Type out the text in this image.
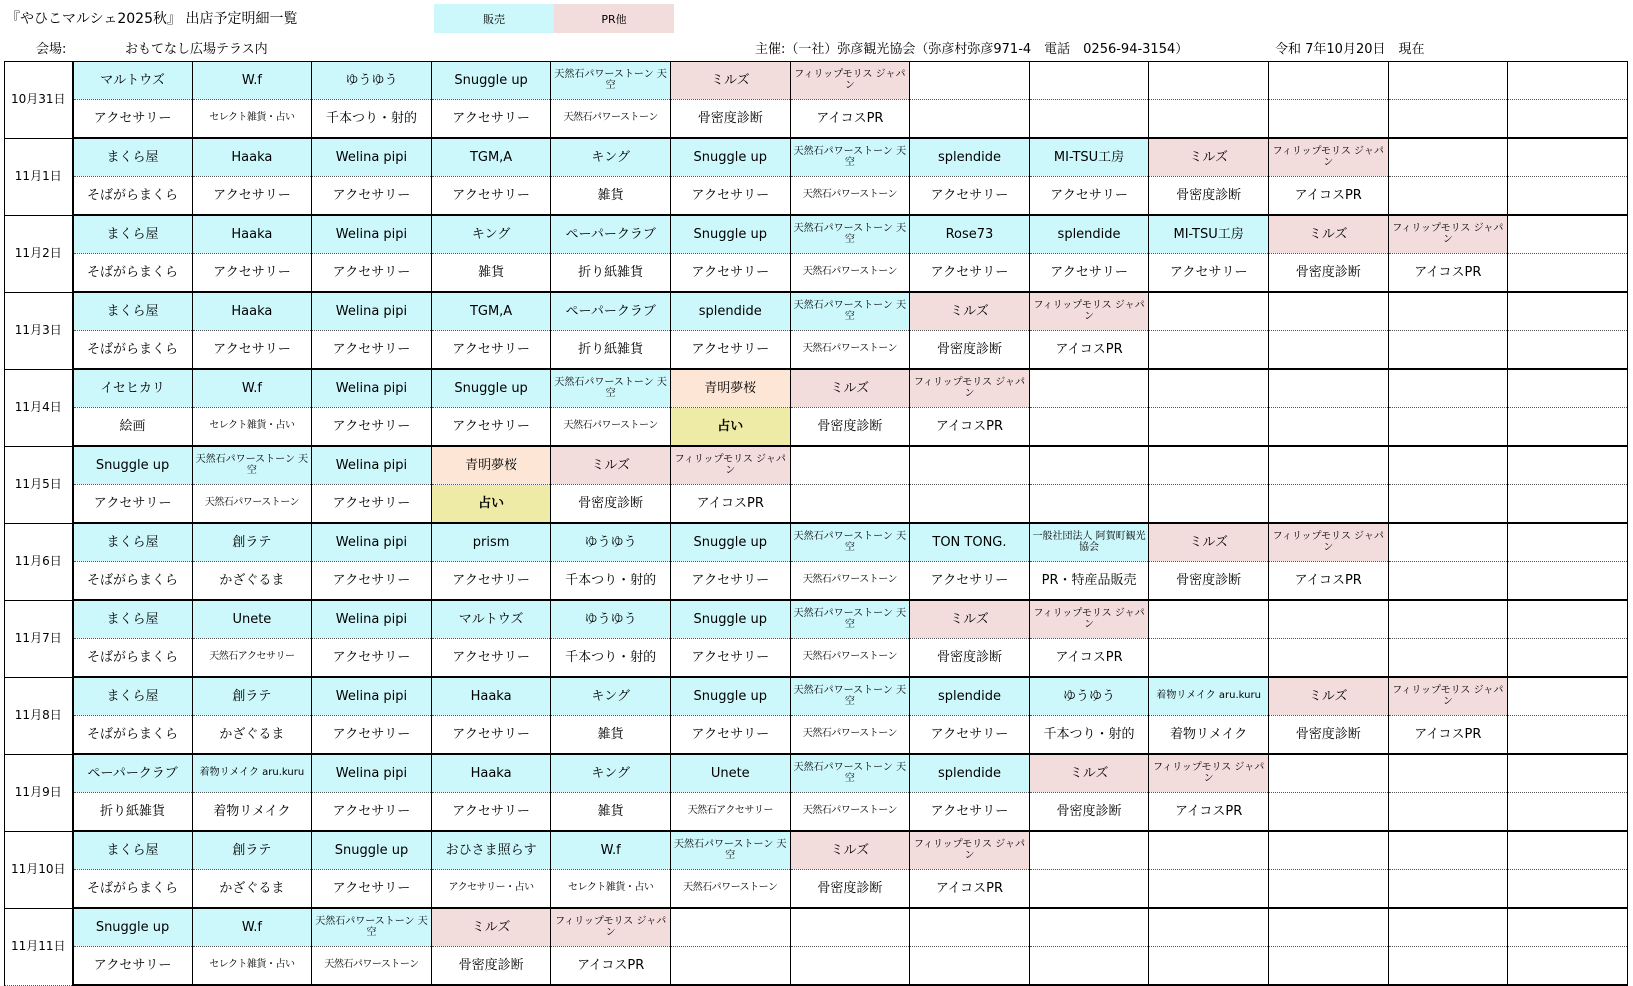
『やひこマルシェ2025秋』 出店予定明細一覧	販売	PR他
会場:	おもてなし広場テラス内	主催:（一社）弥彦観光協会（弥彦村弥彦971-4　電話　0256-94-3154）	令和 7年10月20日　現在
10月31日	マルトウズ	W.f	ゆうゆう	Snuggle up	天然石パワーストーン 天空	ミルズ	フィリップモリス ジャパン						
	アクセサリー	セレクト雑貨・占い	千本つり・射的	アクセサリー	天然石パワーストーン	骨密度診断	アイコスPR						
11月1日	まくら屋	Haaka	Welina pipi	TGM,A	キング	Snuggle up	天然石パワーストーン 天空	splendide	MI-TSU工房	ミルズ	フィリップモリス ジャパン		
	そばがらまくら	アクセサリー	アクセサリー	アクセサリー	雑貨	アクセサリー	天然石パワーストーン	アクセサリー	アクセサリー	骨密度診断	アイコスPR		
11月2日	まくら屋	Haaka	Welina pipi	キング	ペーパークラブ	Snuggle up	天然石パワーストーン 天空	Rose73	splendide	MI-TSU工房	ミルズ	フィリップモリス ジャパン	
	そばがらまくら	アクセサリー	アクセサリー	雑貨	折り紙雑貨	アクセサリー	天然石パワーストーン	アクセサリー	アクセサリー	アクセサリー	骨密度診断	アイコスPR	
11月3日	まくら屋	Haaka	Welina pipi	TGM,A	ペーパークラブ	splendide	天然石パワーストーン 天空	ミルズ	フィリップモリス ジャパン				
	そばがらまくら	アクセサリー	アクセサリー	アクセサリー	折り紙雑貨	アクセサリー	天然石パワーストーン	骨密度診断	アイコスPR				
11月4日	イセヒカリ	W.f	Welina pipi	Snuggle up	天然石パワーストーン 天空	青明夢桜	ミルズ	フィリップモリス ジャパン					
	絵画	セレクト雑貨・占い	アクセサリー	アクセサリー	天然石パワーストーン	占い	骨密度診断	アイコスPR					
11月5日	Snuggle up	天然石パワーストーン 天空	Welina pipi	青明夢桜	ミルズ	フィリップモリス ジャパン							
	アクセサリー	天然石パワーストーン	アクセサリー	占い	骨密度診断	アイコスPR							
11月6日	まくら屋	創ラテ	Welina pipi	prism	ゆうゆう	Snuggle up	天然石パワーストーン 天空	TON TONG.	一般社団法人 阿賀町観光協会	ミルズ	フィリップモリス ジャパン		
	そばがらまくら	かざぐるま	アクセサリー	アクセサリー	千本つり・射的	アクセサリー	天然石パワーストーン	アクセサリー	PR・特産品販売	骨密度診断	アイコスPR		
11月7日	まくら屋	Unete	Welina pipi	マルトウズ	ゆうゆう	Snuggle up	天然石パワーストーン 天空	ミルズ	フィリップモリス ジャパン				
	そばがらまくら	天然石アクセサリー	アクセサリー	アクセサリー	千本つり・射的	アクセサリー	天然石パワーストーン	骨密度診断	アイコスPR				
11月8日	まくら屋	創ラテ	Welina pipi	Haaka	キング	Snuggle up	天然石パワーストーン 天空	splendide	ゆうゆう	着物リメイク aru.kuru	ミルズ	フィリップモリス ジャパン	
	そばがらまくら	かざぐるま	アクセサリー	アクセサリー	雑貨	アクセサリー	天然石パワーストーン	アクセサリー	千本つり・射的	着物リメイク	骨密度診断	アイコスPR	
11月9日	ペーパークラブ	着物リメイク aru.kuru	Welina pipi	Haaka	キング	Unete	天然石パワーストーン 天空	splendide	ミルズ	フィリップモリス ジャパン			
	折り紙雑貨	着物リメイク	アクセサリー	アクセサリー	雑貨	天然石アクセサリー	天然石パワーストーン	アクセサリー	骨密度診断	アイコスPR			
11月10日	まくら屋	創ラテ	Snuggle up	おひさま照らす	W.f	天然石パワーストーン 天空	ミルズ	フィリップモリス ジャパン					
	そばがらまくら	かざぐるま	アクセサリー	アクセサリー・占い	セレクト雑貨・占い	天然石パワーストーン	骨密度診断	アイコスPR					
11月11日	Snuggle up	W.f	天然石パワーストーン 天空	ミルズ	フィリップモリス ジャパン								
	アクセサリー	セレクト雑貨・占い	天然石パワーストーン	骨密度診断	アイコスPR								
